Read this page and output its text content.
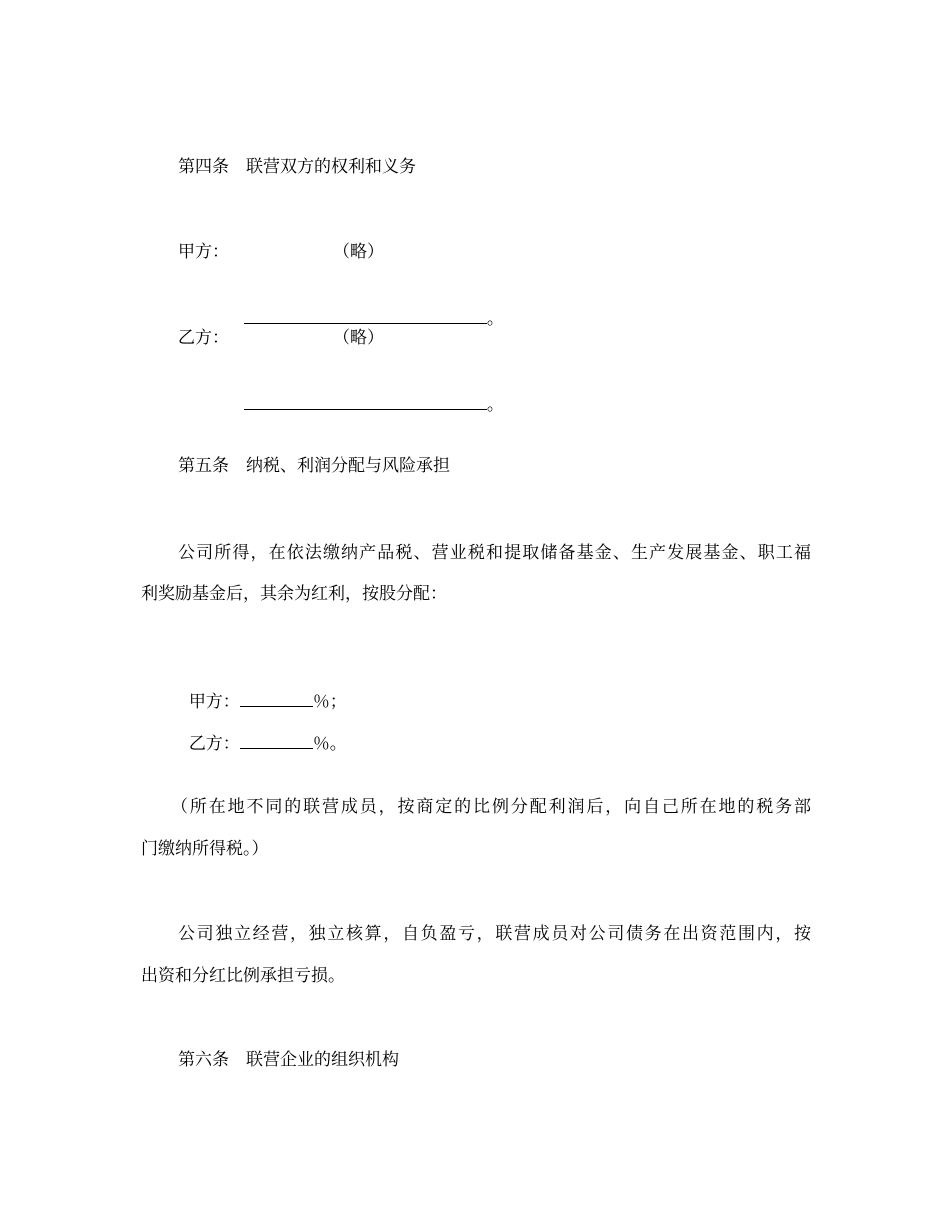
第四条　联营双方的权利和义务

甲方：	（略）

。

乙方：	（略）

。

第五条　纳税、利润分配与风险承担

公司所得，在依法缴纳产品税、营业税和提取储备基金、生产发展基金、职工福

利奖励基金后，其余为红利，按股分配：

甲方：	％；

乙方：	％。

（所在地不同的联营成员，按商定的比例分配利润后，向自己所在地的税务部

门缴纳所得税。）

公司独立经营，独立核算，自负盈亏，联营成员对公司债务在出资范围内，按

出资和分红比例承担亏损。

第六条　联营企业的组织机构
